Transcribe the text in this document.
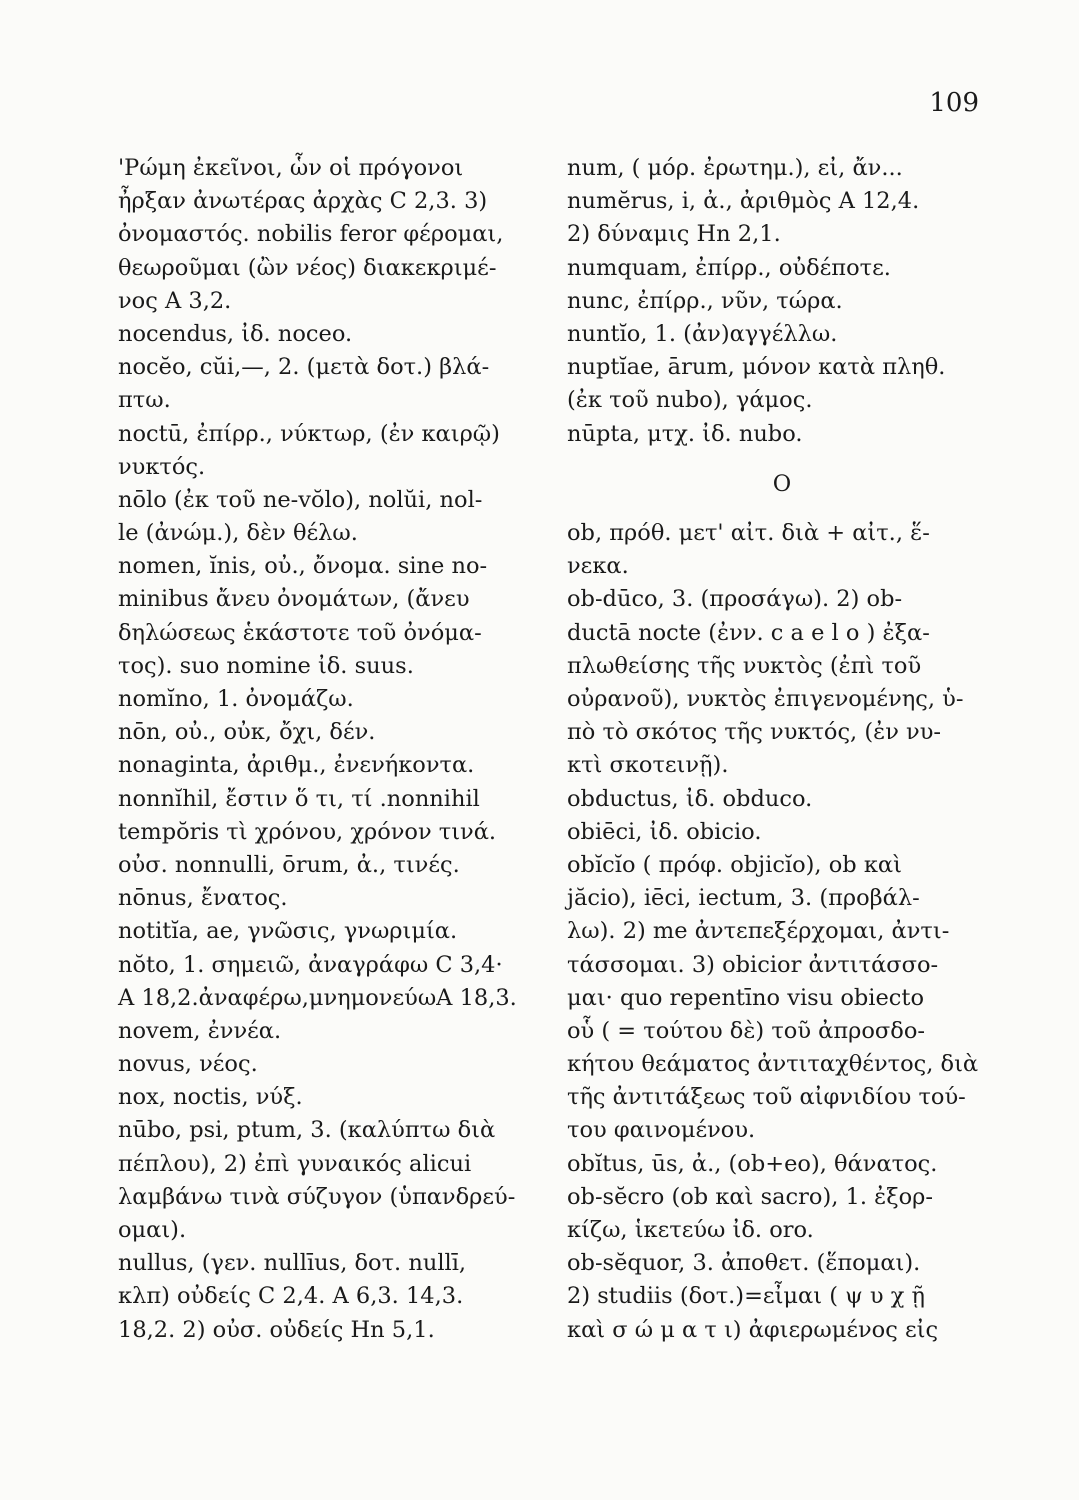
109
'Ρώμη ἐκεῖνοι, ὧν οἱ πρόγονοι
ἦρξαν ἀνωτέρας ἀρχὰς C 2,3. 3)
ὀνομαστός. nobilis feror φέρομαι,
θεωροῦμαι (ὢν νέος) διακεκριμέ-
νος A 3,2.
nocendus, ἰδ. noceo.
nocĕo, cŭi,—, 2. (μετὰ δοτ.) βλά-
πτω.
noctū, ἐπίρρ., νύκτωρ, (ἐν καιρῷ)
νυκτός.
nōlo (ἐκ τοῦ ne-vŏlo), nolŭi, nol-
le (ἀνώμ.), δὲν θέλω.
nomen, ĭnis, οὐ., ὄνομα. sine no-
minibus ἄνευ ὀνομάτων, (ἄνευ
δηλώσεως ἑκάστοτε τοῦ ὀνόμα-
τος). suo nomine ἰδ. suus.
nomĭno, 1. ὀνομάζω.
nōn, οὐ., οὐκ, ὄχι, δέν.
nonaginta, ἀριθμ., ἐνενήκοντα.
nonnĭhil, ἔστιν ὅ τι, τί .nonnihil
tempŏris τὶ χρόνου, χρόνον τινά.
οὐσ. nonnulli, ōrum, ἀ., τινές.
nōnus, ἔνατος.
notitĭa, ae, γνῶσις, γνωριμία.
nŏto, 1. σημειῶ, ἀναγράφω C 3,4·
A 18,2.ἀναφέρω,μνημονεύωA 18,3.
novem, ἐννέα.
novus, νέος.
nox, noctis, νύξ.
nūbo, psi, ptum, 3. (καλύπτω διὰ
πέπλου), 2) ἐπὶ γυναικός alicui
λαμβάνω τινὰ σύζυγον (ὑπανδρεύ-
ομαι).
nullus, (γεν. nullīus, δοτ. nullī,
κλπ) οὐδείς C 2,4. A 6,3. 14,3.
18,2. 2) οὐσ. οὐδείς Hn 5,1.
num, ( μόρ. ἐρωτημ.), εἰ, ἄν...
numĕrus, i, ἀ., ἀριθμὸς A 12,4.
2) δύναμις Hn 2,1.
numquam, ἐπίρρ., οὐδέποτε.
nunc, ἐπίρρ., νῦν, τώρα.
nuntĭo, 1. (ἀν)αγγέλλω.
nuptĭae, ārum, μόνον κατὰ πληθ.
(ἐκ τοῦ nubo), γάμος.
nūpta, μτχ. ἰδ. nubo.
O
ob, πρόθ. μετ' αἰτ. διὰ + αἰτ., ἕ-
νεκα.
ob-dūco, 3. (προσάγω). 2) ob-
ductā nocte (ἐνν. c a e l o ) ἐξα-
πλωθείσης τῆς νυκτὸς (ἐπὶ τοῦ
οὐρανοῦ), νυκτὸς ἐπιγενομένης, ὑ-
πὸ τὸ σκότος τῆς νυκτός, (ἐν νυ-
κτὶ σκοτεινῇ).
obductus, ἰδ. obduco.
obiēci, ἰδ. obicio.
obĭcĭo ( πρόφ. objicĭo), ob καὶ
jăcio), iēci, iectum, 3. (προβάλ-
λω). 2) me ἀντεπεξέρχομαι, ἀντι-
τάσσομαι. 3) obicior ἀντιτάσσο-
μαι· quo repentīno visu obiecto
οὗ ( = τούτου δὲ) τοῦ ἀπροσδο-
κήτου θεάματος ἀντιταχθέντος, διὰ
τῆς ἀντιτάξεως τοῦ αἰφνιδίου τού-
του φαινομένου.
obĭtus, ūs, ἀ., (ob+eo), θάνατος.
ob-sĕcro (ob καὶ sacro), 1. ἐξορ-
κίζω, ἱκετεύω ἰδ. oro.
ob-sĕquor, 3. ἀποθετ. (ἕπομαι).
2) studiis (δοτ.)=εἶμαι ( ψ υ χ ῇ
καὶ σ ώ μ α τ ι) ἀφιερωμένος εἰς
